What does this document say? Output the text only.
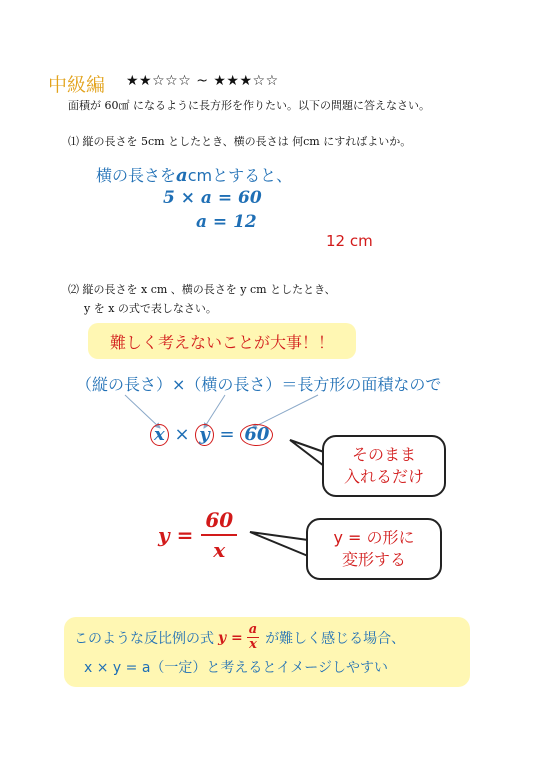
中級編 ★★☆☆☆ ~ ★★★☆☆
面積が 60㎠ になるように長方形を作りたい。以下の問題に答えなさい。
⑴ 縦の長さを 5cm としたとき、横の長さは 何cm にすればよいか。
横の長さをacmとすると、
5 × a = 60
a = 12
12 cm
⑵ 縦の長さを x cm 、横の長さを y cm としたとき、
y を x の式で表しなさい。
難しく考えないことが大事！！
（縦の長さ）×（横の長さ）＝長方形の面積なので
x × y = 60
そのまま
入れるだけ
$y = \frac{60}{x}$	y = の形に
変形する
このような反比例の式 $y = \frac{a}{x}$ が難しく感じる場合、
x × y = a（一定）と考えるとイメージしやすい
